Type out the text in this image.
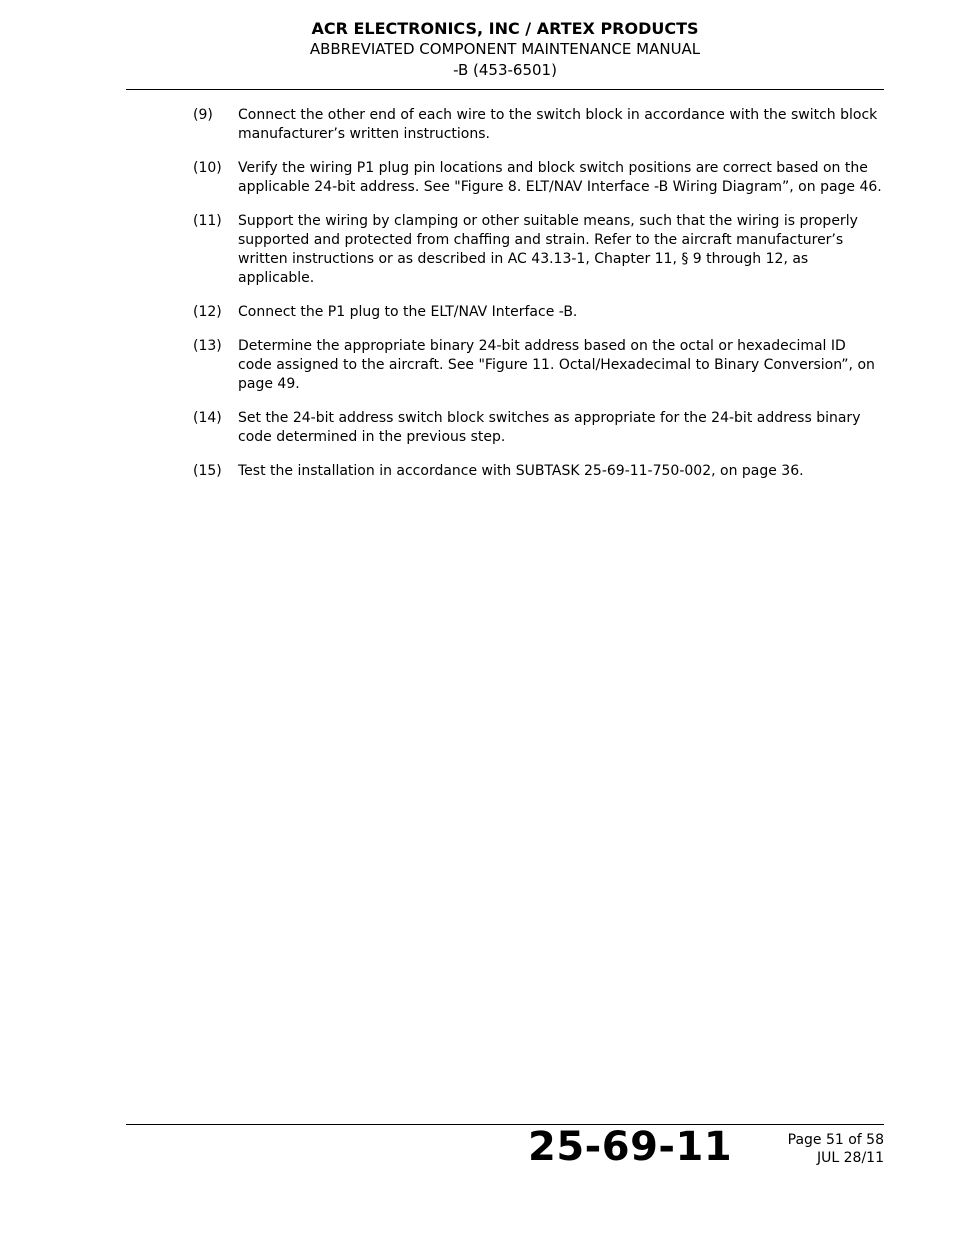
ACR ELECTRONICS, INC / ARTEX PRODUCTS
ABBREVIATED COMPONENT MAINTENANCE MANUAL
-B (453-6501)
(9)	Connect the other end of each wire to the switch block in accordance with the switch block manufacturer’s written instructions.
(10)	Verify the wiring P1 plug pin locations and block switch positions are correct based on the applicable 24-bit address. See "Figure 8. ELT/NAV Interface -B Wiring Diagram”, on page 46.
(11)	Support the wiring by clamping or other suitable means, such that the wiring is properly supported and protected from chaffing and strain. Refer to the aircraft manufacturer’s written instructions or as described in AC 43.13-1, Chapter 11, § 9 through 12, as applicable.
(12)	Connect the P1 plug to the ELT/NAV Interface -B.
(13)	Determine the appropriate binary 24-bit address based on the octal or hexadecimal ID code assigned to the aircraft. See "Figure 11. Octal/Hexadecimal to Binary Conversion”, on page 49.
(14)	Set the 24-bit address switch block switches as appropriate for the 24-bit address binary code determined in the previous step.
(15)	Test the installation in accordance with SUBTASK 25-69-11-750-002, on page 36.
25-69-11	Page 51 of 58
JUL 28/11
